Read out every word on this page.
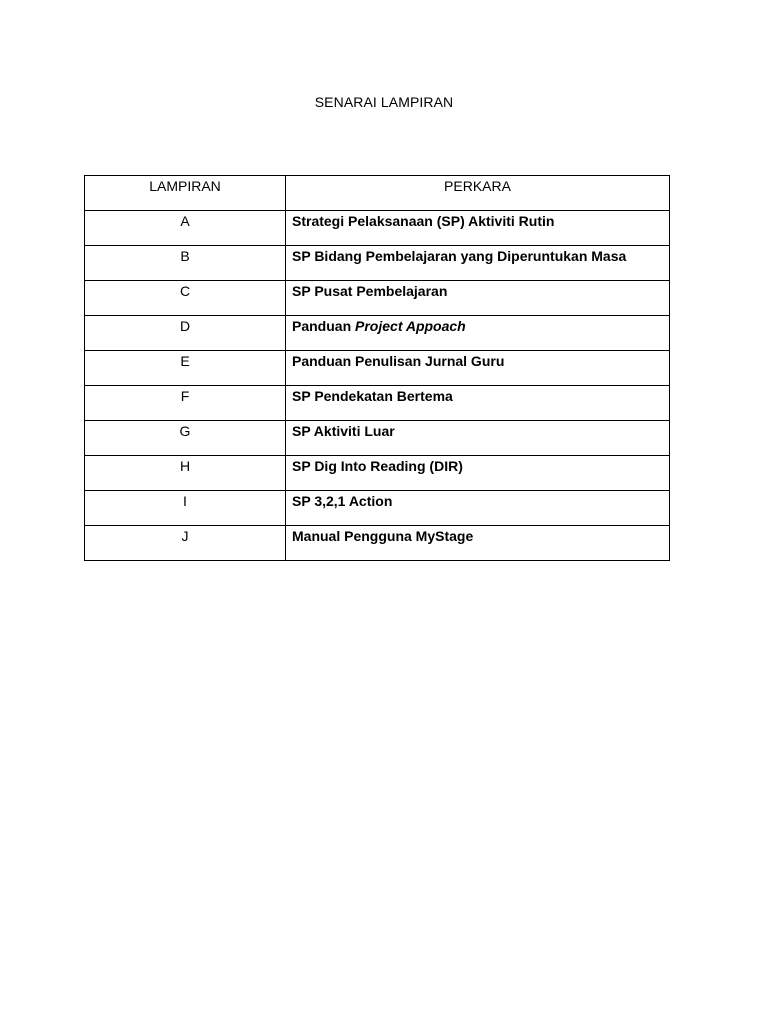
SENARAI LAMPIRAN
LAMPIRAN	PERKARA
A	Strategi Pelaksanaan (SP) Aktiviti Rutin
B	SP Bidang Pembelajaran yang Diperuntukan Masa
C	SP Pusat Pembelajaran
D	Panduan Project Appoach
E	Panduan Penulisan Jurnal Guru
F	SP Pendekatan Bertema
G	SP Aktiviti Luar
H	SP Dig Into Reading (DIR)
I	SP 3,2,1 Action
J	Manual Pengguna MyStage
